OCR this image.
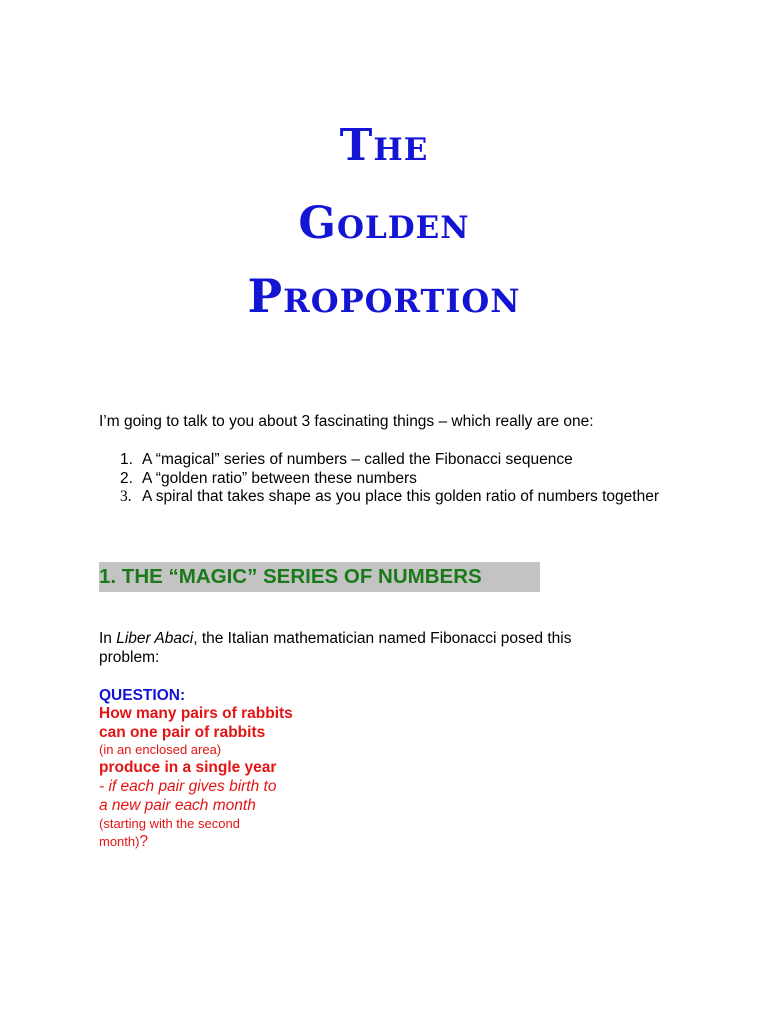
The
Golden
Proportion

I’m going to talk to you about 3 fascinating things – which really are one:

1. A “magical” series of numbers – called the Fibonacci sequence
2. A “golden ratio” between these numbers
3. A spiral that takes shape as you place this golden ratio of numbers together
1. THE “MAGIC” SERIES OF NUMBERS

In Liber Abaci, the Italian mathematician named Fibonacci posed this problem:

QUESTION:

How many pairs of rabbits

can one pair of rabbits

(in an enclosed area)

produce in a single year

- if each pair gives birth to

a new pair each month

(starting with the second

month)?
